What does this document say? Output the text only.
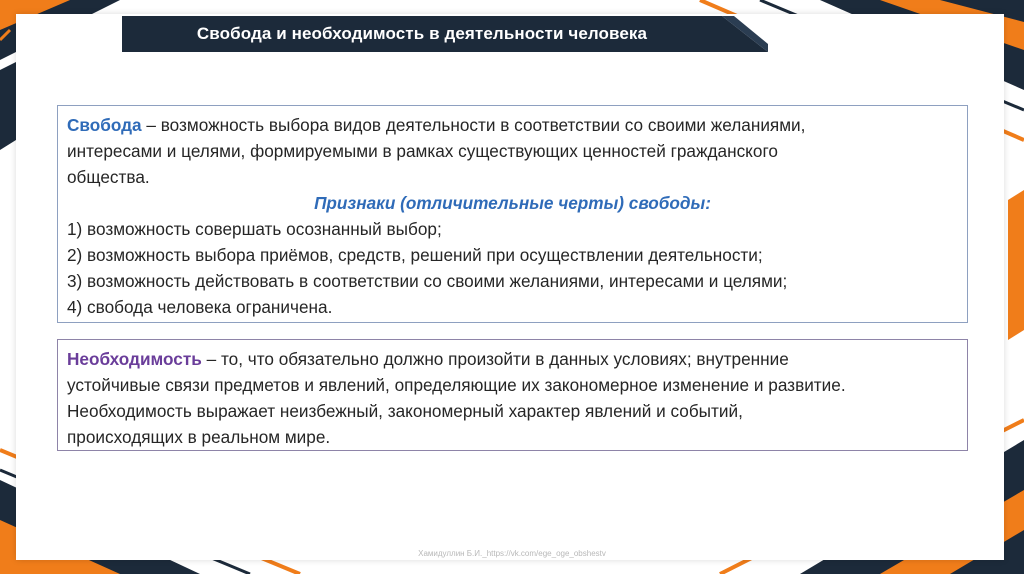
Свобода и необходимость в деятельности человека
Свобода – возможность выбора видов деятельности в соответствии со своими желаниями,
интересами и целями, формируемыми в рамках существующих ценностей гражданского
общества.
Признаки (отличительные черты) свободы:
1) возможность совершать осознанный выбор;
2) возможность выбора приёмов, средств, решений при осуществлении деятельности;
3) возможность действовать в соответствии со своими желаниями, интересами и целями;
4) свобода человека ограничена.
Необходимость – то, что обязательно должно произойти в данных условиях; внутренние
устойчивые связи предметов и явлений, определяющие их закономерное изменение и развитие.
Необходимость выражает неизбежный, закономерный характер явлений и событий,
происходящих в реальном мире.
Хамидуллин Б.И._https://vk.com/ege_oge_obshestv
